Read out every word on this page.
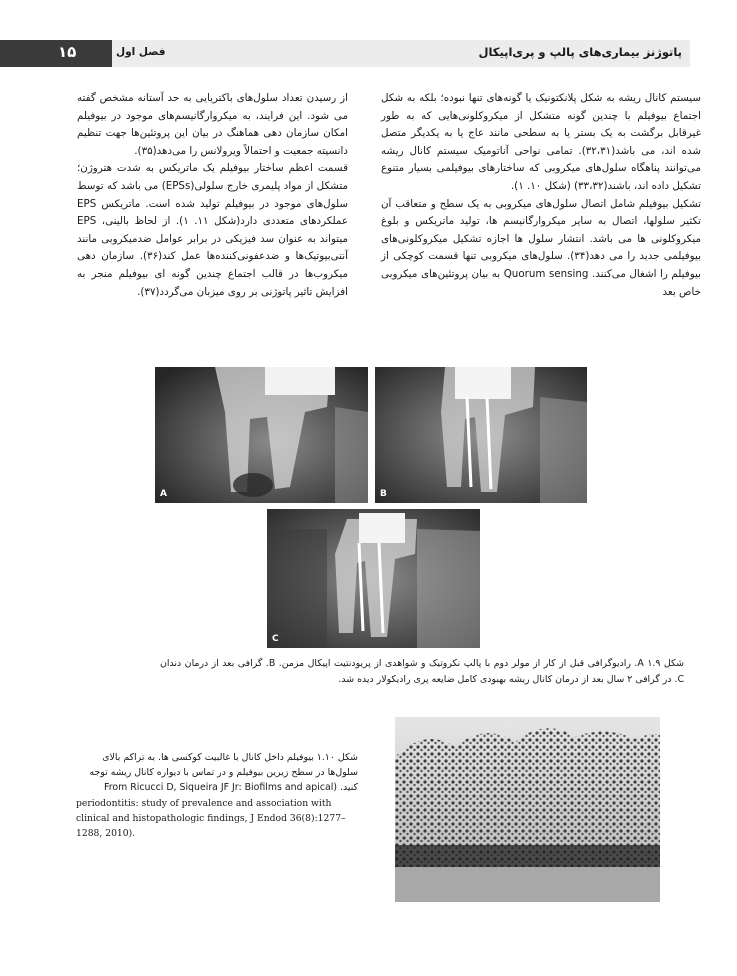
۱۵	فصل اول	پاتوژنز بیماری‌های پالپ و پری‌اپیکال

سیستم کانال ریشه به شکل پلانکتونیک یا گونه‌های تنها نبوده؛ بلکه به شکل اجتماع بیوفیلم با چندین گونه متشکل از میکروکلونی‌هایی که به طور غیرقابل برگشت به یک بستر یا به سطحی مانند عاج یا به یکدیگر متصل شده اند، می باشد(۳۲،۳۱). تمامی نواحی آناتومیک سیستم کانال ریشه می‌توانند پناهگاه سلول‌های میکروبی که ساختارهای بیوفیلمی بسیار متنوع تشکیل داده اند، باشند(۳۳،۳۲) (شکل ۱۰. ۱).

تشکیل بیوفیلم شامل اتصال سلول‌های میکروبی به یک سطح و متعاقب آن تکثیر سلولها، اتصال به سایر میکروارگانیسم ها، تولید ماتریکس و بلوغ میکروکلونی ها می باشد. انتشار سلول ها اجازه تشکیل میکروکلونی‌های بیوفیلمی جدید را می دهد(۳۴). سلول‌های میکروبی تنها قسمت کوچکی از بیوفیلم را اشغال می‌کنند. Quorum sensing به بیان پروتئین‌های میکروبی خاص بعد

از رسیدن تعداد سلول‌های باکتریایی به حد آستانه مشخص گفته می شود. این فرایند، به میکروارگانیسم‌های موجود در بیوفیلم امکان سازمان دهی هماهنگ در بیان این پروتئین‌ها جهت تنظیم دانسیته جمعیت و احتمالاً ویرولانس را می‌دهد(۳۵).

قسمت اعظم ساختار بیوفیلم یک ماتریکس به شدت هتروژن؛ متشکل از مواد پلیمری خارج سلولی(EPSs) می باشد که توسط سلول‌های موجود در بیوفیلم تولید شده است. ماتریکس EPS عملکردهای متعددی دارد(شکل ۱۱. ۱). از لحاظ بالینی، EPS میتواند به عنوان سد فیزیکی در برابر عوامل ضدمیکروبی مانند آنتی‌بیوتیک‌ها و ضدعفونی‌کننده‌ها عمل کند(۳۶). سازمان دهی میکروب‌ها در قالب اجتماع چندین گونه ای بیوفیلم منجر به افزایش تاثیر پاتوژنی بر روی میزبان می‌گردد(۳۷).

A	B
C

شکل ۱.۹ A. رادیوگرافی قبل از کار از مولر دوم با پالپ نکروتیک و شواهدی از پریودنتیت اپیکال مزمن. B. گرافی بعد از درمان دندان C. در گرافی ۲ سال بعد از درمان کانال ریشه بهبودی کامل ضایعه پری رادیکولار دیده شد.

شکل ۱.۱۰ بیوفیلم داخل کانال با غالبیت کوکسی ها. به تراکم بالای سلول‌ها در سطح زیرین بیوفیلم و در تماس با دیواره کانال ریشه توجه کنید. (From Ricucci D, Siqueira JF Jr: Biofilms and apical

periodontitis: study of prevalence and association with clinical and histopathologic findings, J Endod 36(8):1277–1288, 2010).
